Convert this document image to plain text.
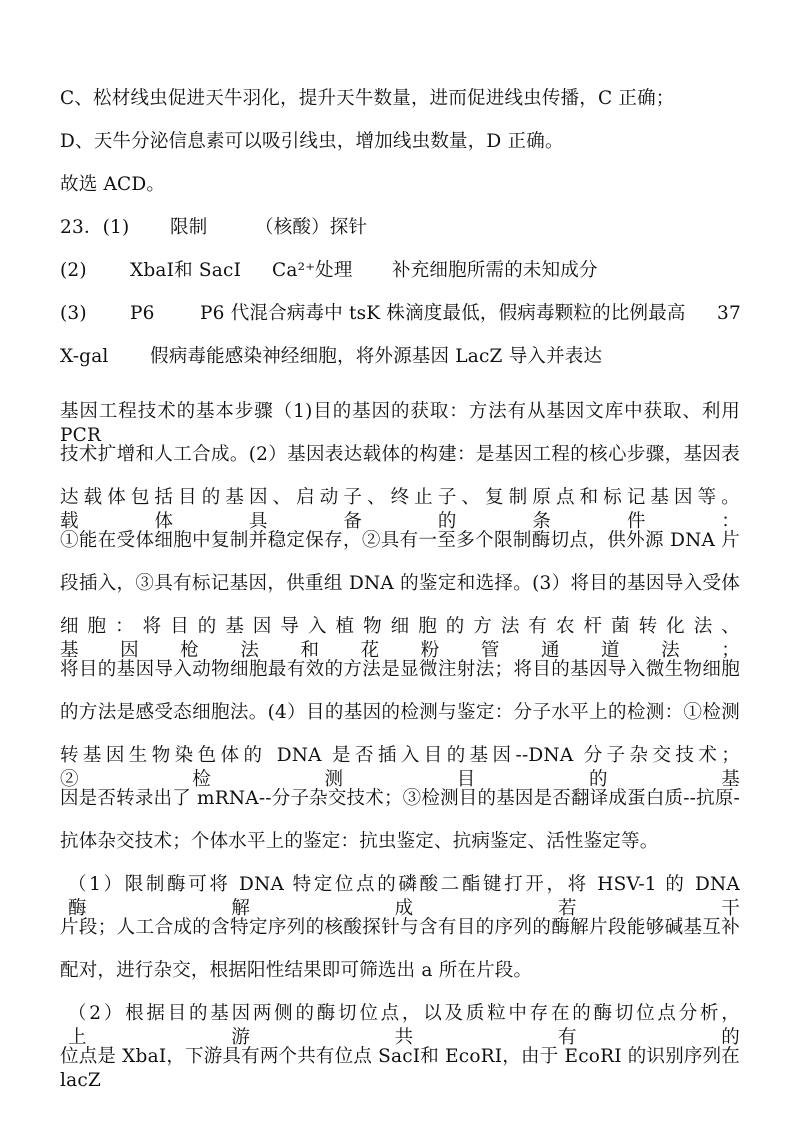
C、松材线虫促进天牛羽化，提升天牛数量，进而促进线虫传播，C 正确；
D、天牛分泌信息素可以吸引线虫，增加线虫数量，D 正确。
故选 ACD。
23．(1) 限制	（核酸）探针
(2) XbaI和 SacI Ca²⁺处理 补充细胞所需的未知成分
(3) P6 P6 代混合病毒中 tsK 株滴度最低，假病毒颗粒的比例最高 37
X-gal 假病毒能感染神经细胞，将外源基因 LacZ 导入并表达
基因工程技术的基本步骤（1)目的基因的获取：方法有从基因文库中获取、利用 PCR
技术扩增和人工合成。(2）基因表达载体的构建：是基因工程的核心步骤，基因表
达载体包括目的基因、启动子、终止子、复制原点和标记基因等。载体具备的条件：
①能在受体细胞中复制并稳定保存，②具有一至多个限制酶切点，供外源 DNA 片
段插入，③具有标记基因，供重组 DNA 的鉴定和选择。(3）将目的基因导入受体
细胞：将目的基因导入植物细胞的方法有农杆菌转化法、基因枪法和花粉管通道法；
将目的基因导入动物细胞最有效的方法是显微注射法；将目的基因导入微生物细胞
的方法是感受态细胞法。(4）目的基因的检测与鉴定：分子水平上的检测：①检测
转基因生物染色体的 DNA 是否插入目的基因--DNA 分子杂交技术；②检测目的基
因是否转录出了 mRNA--分子杂交技术；③检测目的基因是否翻译成蛋白质--抗原-
抗体杂交技术；个体水平上的鉴定：抗虫鉴定、抗病鉴定、活性鉴定等。
（1）限制酶可将 DNA 特定位点的磷酸二酯键打开，将 HSV-1 的 DNA 酶解成若干
片段；人工合成的含特定序列的核酸探针与含有目的序列的酶解片段能够碱基互补
配对，进行杂交，根据阳性结果即可筛选出 a 所在片段。
（2）根据目的基因两侧的酶切位点，以及质粒中存在的酶切位点分析，上游共有的
位点是 XbaI，下游具有两个共有位点 SacI和 EcoRI，由于 EcoRI 的识别序列在 lacZ
